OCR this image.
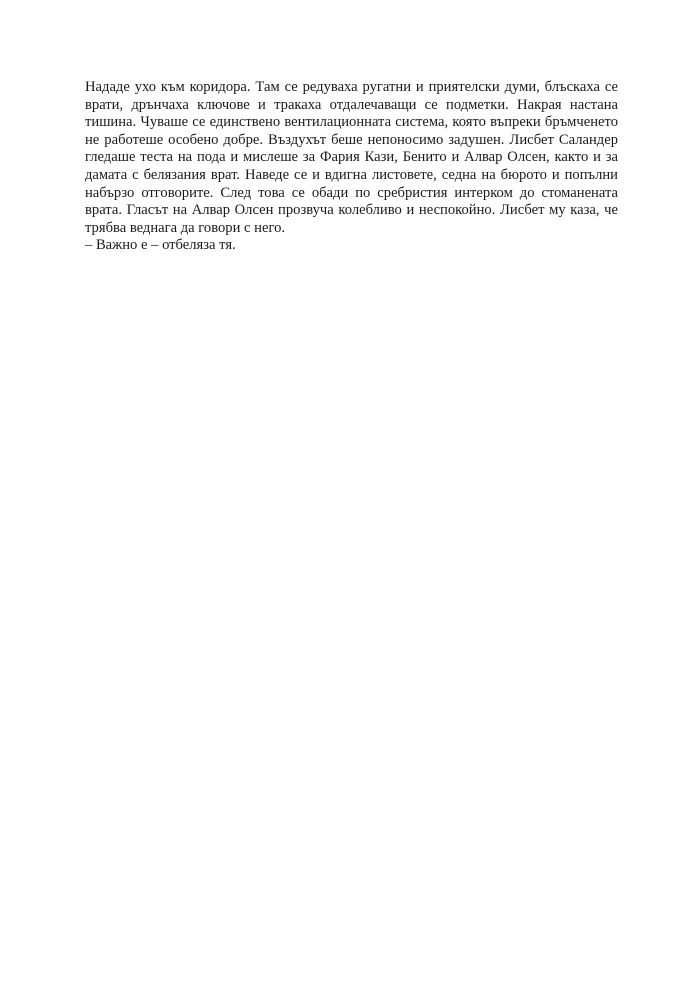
Нададе ухо към коридора. Там се редуваха ругатни и приятелски думи, блъскаха се врати, дрънчаха ключове и тракаха отдалечаващи се подметки. Накрая настана тишина. Чуваше се единствено вентилационната система, която въпреки бръмченето не работеше особено добре. Въздухът беше непоносимо задушен. Лисбет Саландер гледаше теста на пода и мислеше за Фария Кази, Бенито и Алвар Олсен, както и за дамата с белязания врат. Наведе се и вдигна листовете, седна на бюрото и попълни набързо отговорите. След това се обади по сребристия интерком до стоманената врата. Гласът на Алвар Олсен прозвуча колебливо и неспокойно. Лисбет му каза, че трябва веднага да говори с него.

– Важно е – отбеляза тя.
